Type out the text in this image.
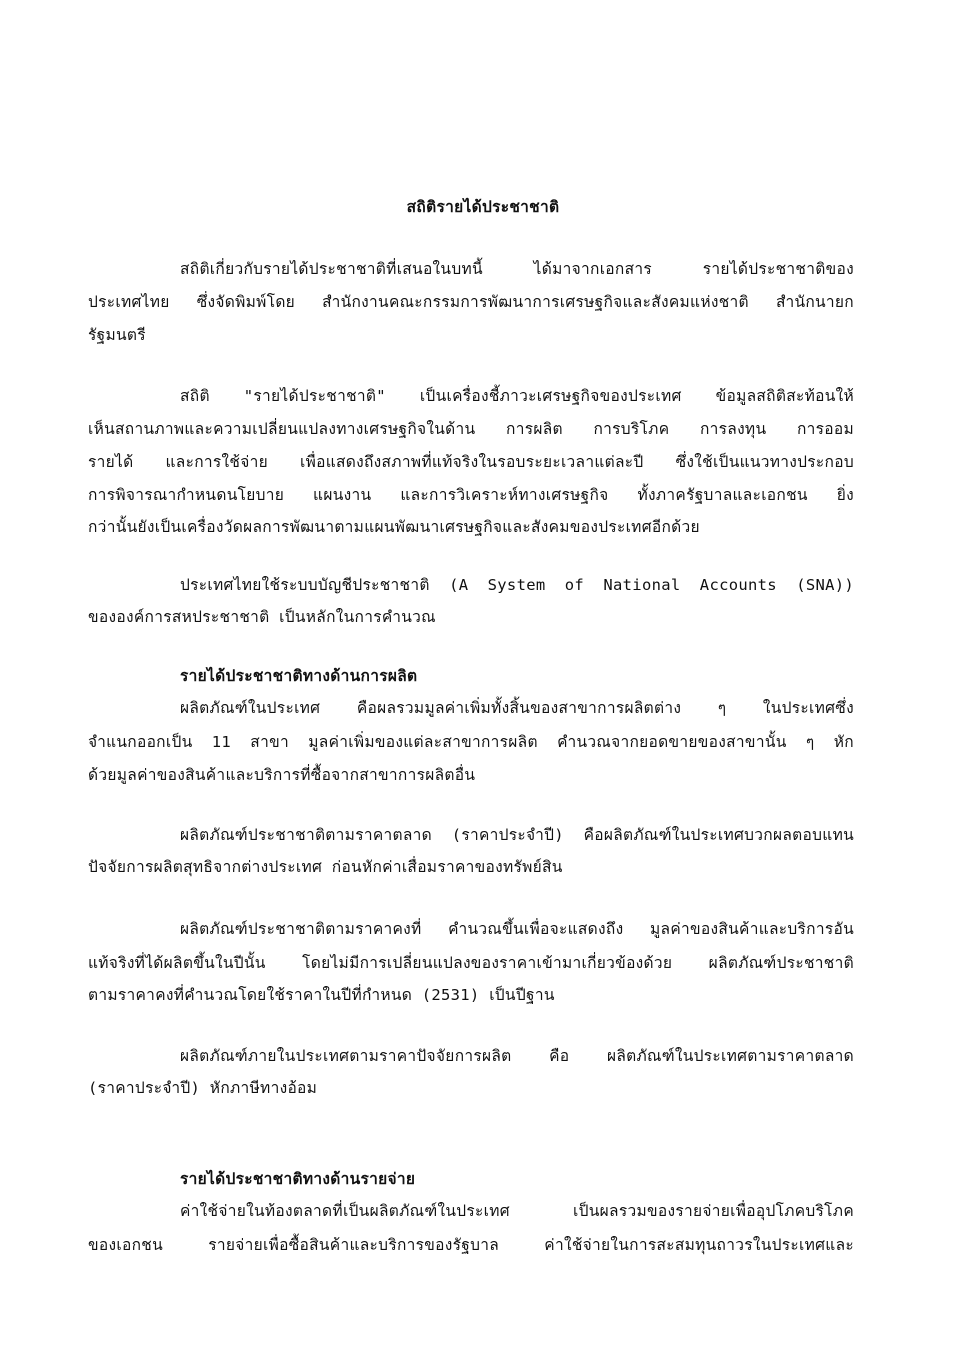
สถิติรายได้ประชาชาติ
สถิติเกี่ยวกับรายได้ประชาชาติที่เสนอในบทนี้ ได้มาจากเอกสาร รายได้ประชาชาติของ
ประเทศไทย ซึ่งจัดพิมพ์โดย สำนักงานคณะกรรมการพัฒนาการเศรษฐกิจและสังคมแห่งชาติ สำนักนายก
รัฐมนตรี
สถิติ "รายได้ประชาชาติ" เป็นเครื่องชี้ภาวะเศรษฐกิจของประเทศ ข้อมูลสถิติสะท้อนให้
เห็นสถานภาพและความเปลี่ยนแปลงทางเศรษฐกิจในด้าน การผลิต การบริโภค การลงทุน การออม
รายได้ และการใช้จ่าย เพื่อแสดงถึงสภาพที่แท้จริงในรอบระยะเวลาแต่ละปี ซึ่งใช้เป็นแนวทางประกอบ
การพิจารณากำหนดนโยบาย แผนงาน และการวิเคราะห์ทางเศรษฐกิจ ทั้งภาครัฐบาลและเอกชน ยิ่ง
กว่านั้นยังเป็นเครื่องวัดผลการพัฒนาตามแผนพัฒนาเศรษฐกิจและสังคมของประเทศอีกด้วย
ประเทศไทยใช้ระบบบัญชีประชาชาติ (A System of National Accounts (SNA))
ขององค์การสหประชาชาติ เป็นหลักในการคำนวณ
รายได้ประชาชาติทางด้านการผลิต
ผลิตภัณฑ์ในประเทศ คือผลรวมมูลค่าเพิ่มทั้งสิ้นของสาขาการผลิตต่าง ๆ ในประเทศซึ่ง
จำแนกออกเป็น 11 สาขา มูลค่าเพิ่มของแต่ละสาขาการผลิต คำนวณจากยอดขายของสาขานั้น ๆ หัก
ด้วยมูลค่าของสินค้าและบริการที่ซื้อจากสาขาการผลิตอื่น
ผลิตภัณฑ์ประชาชาติตามราคาตลาด (ราคาประจำปี) คือผลิตภัณฑ์ในประเทศบวกผลตอบแทน
ปัจจัยการผลิตสุทธิจากต่างประเทศ ก่อนหักค่าเสื่อมราคาของทรัพย์สิน
ผลิตภัณฑ์ประชาชาติตามราคาคงที่ คำนวณขึ้นเพื่อจะแสดงถึง มูลค่าของสินค้าและบริการอัน
แท้จริงที่ได้ผลิตขึ้นในปีนั้น โดยไม่มีการเปลี่ยนแปลงของราคาเข้ามาเกี่ยวข้องด้วย ผลิตภัณฑ์ประชาชาติ
ตามราคาคงที่คำนวณโดยใช้ราคาในปีที่กำหนด (2531) เป็นปีฐาน
ผลิตภัณฑ์ภายในประเทศตามราคาปัจจัยการผลิต คือ ผลิตภัณฑ์ในประเทศตามราคาตลาด
(ราคาประจำปี) หักภาษีทางอ้อม
รายได้ประชาชาติทางด้านรายจ่าย
ค่าใช้จ่ายในท้องตลาดที่เป็นผลิตภัณฑ์ในประเทศ เป็นผลรวมของรายจ่ายเพื่ออุปโภคบริโภค
ของเอกชน รายจ่ายเพื่อซื้อสินค้าและบริการของรัฐบาล ค่าใช้จ่ายในการสะสมทุนถาวรในประเทศและ
